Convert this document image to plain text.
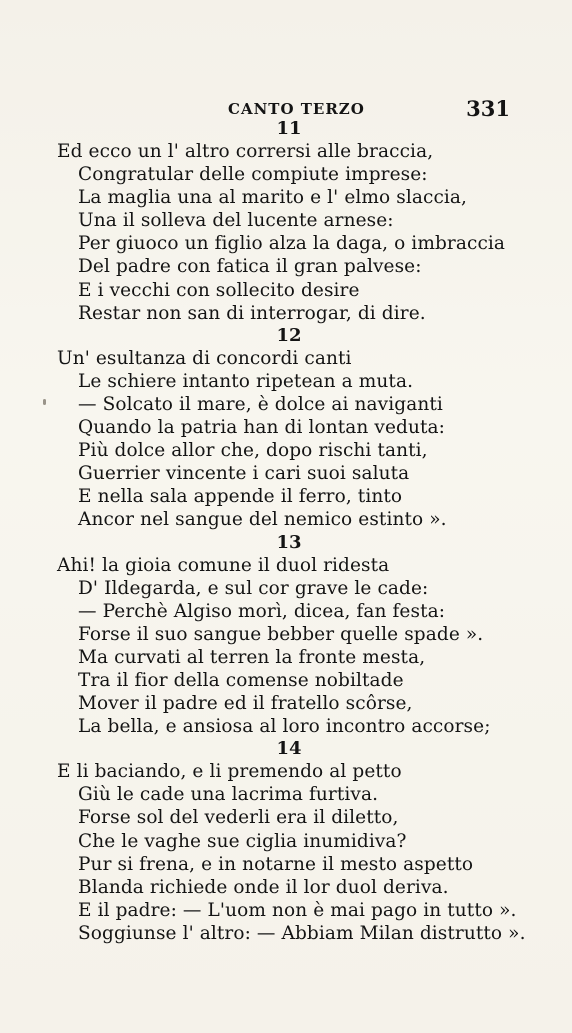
CANTO TERZO	331
11
Ed ecco un l' altro corrersi alle braccia,
Congratular delle compiute imprese:
La maglia una al marito e l' elmo slaccia,
Una il solleva del lucente arnese:
Per giuoco un figlio alza la daga, o imbraccia
Del padre con fatica il gran palvese:
E i vecchi con sollecito desire
Restar non san di interrogar, di dire.
12
Un' esultanza di concordi canti
Le schiere intanto ripetean a muta.
— Solcato il mare, è dolce ai naviganti
Quando la patria han di lontan veduta:
Più dolce allor che, dopo rischi tanti,
Guerrier vincente i cari suoi saluta
E nella sala appende il ferro, tinto
Ancor nel sangue del nemico estinto ».
13
Ahi! la gioia comune il duol ridesta
D' Ildegarda, e sul cor grave le cade:
— Perchè Algiso morì, dicea, fan festa:
Forse il suo sangue bebber quelle spade ».
Ma curvati al terren la fronte mesta,
Tra il fior della comense nobiltade
Mover il padre ed il fratello scôrse,
La bella, e ansiosa al loro incontro accorse;
14
E li baciando, e li premendo al petto
Giù le cade una lacrima furtiva.
Forse sol del vederli era il diletto,
Che le vaghe sue ciglia inumidiva?
Pur si frena, e in notarne il mesto aspetto
Blanda richiede onde il lor duol deriva.
E il padre: — L'uom non è mai pago in tutto ».
Soggiunse l' altro: — Abbiam Milan distrutto ».
